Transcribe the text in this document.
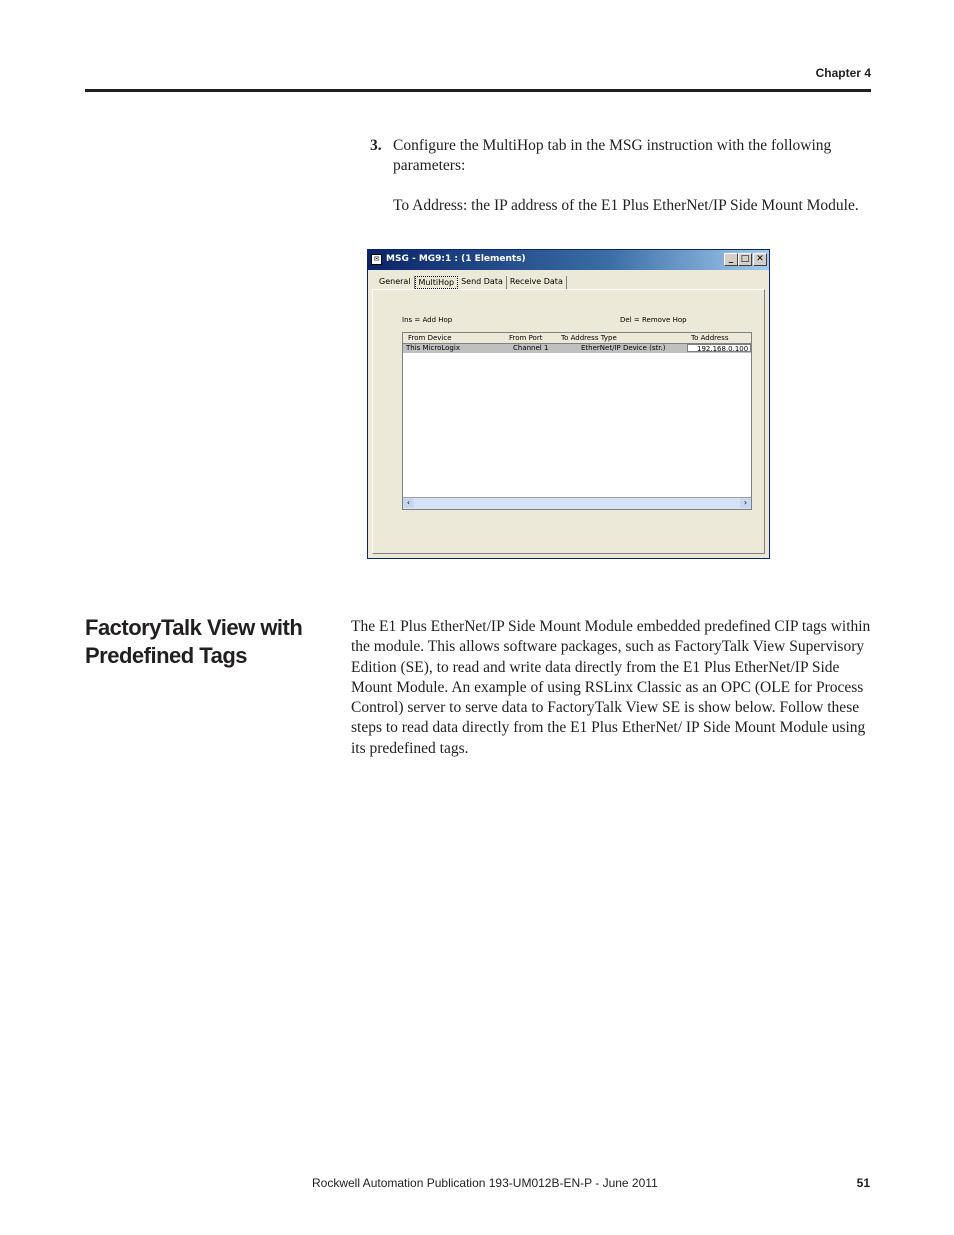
Chapter 4
3. Configure the MultiHop tab in the MSG instruction with the following parameters:

To Address: the IP address of the E1 Plus EtherNet/IP Side Mount Module.

✉ MSG - MG9:1 : (1 Elements)	_ □ ✕
General	MultiHop Send Data Receive Data
Ins = Add Hop	Del = Remove Hop
From Device	From Port	To Address Type	To Address
This MicroLogix	Channel 1	EtherNet/IP Device (str.)	192.168.0.100
‹	›
FactoryTalk View with Predefined Tags
The E1 Plus EtherNet/IP Side Mount Module embedded predefined CIP tags within the module. This allows software packages, such as FactoryTalk View Supervisory Edition (SE), to read and write data directly from the E1 Plus EtherNet/IP Side Mount Module. An example of using RSLinx Classic as an OPC (OLE for Process Control) server to serve data to FactoryTalk View SE is show below. Follow these steps to read data directly from the E1 Plus EtherNet/ IP Side Mount Module using its predefined tags.
Rockwell Automation Publication 193-UM012B-EN-P - June 2011	51
